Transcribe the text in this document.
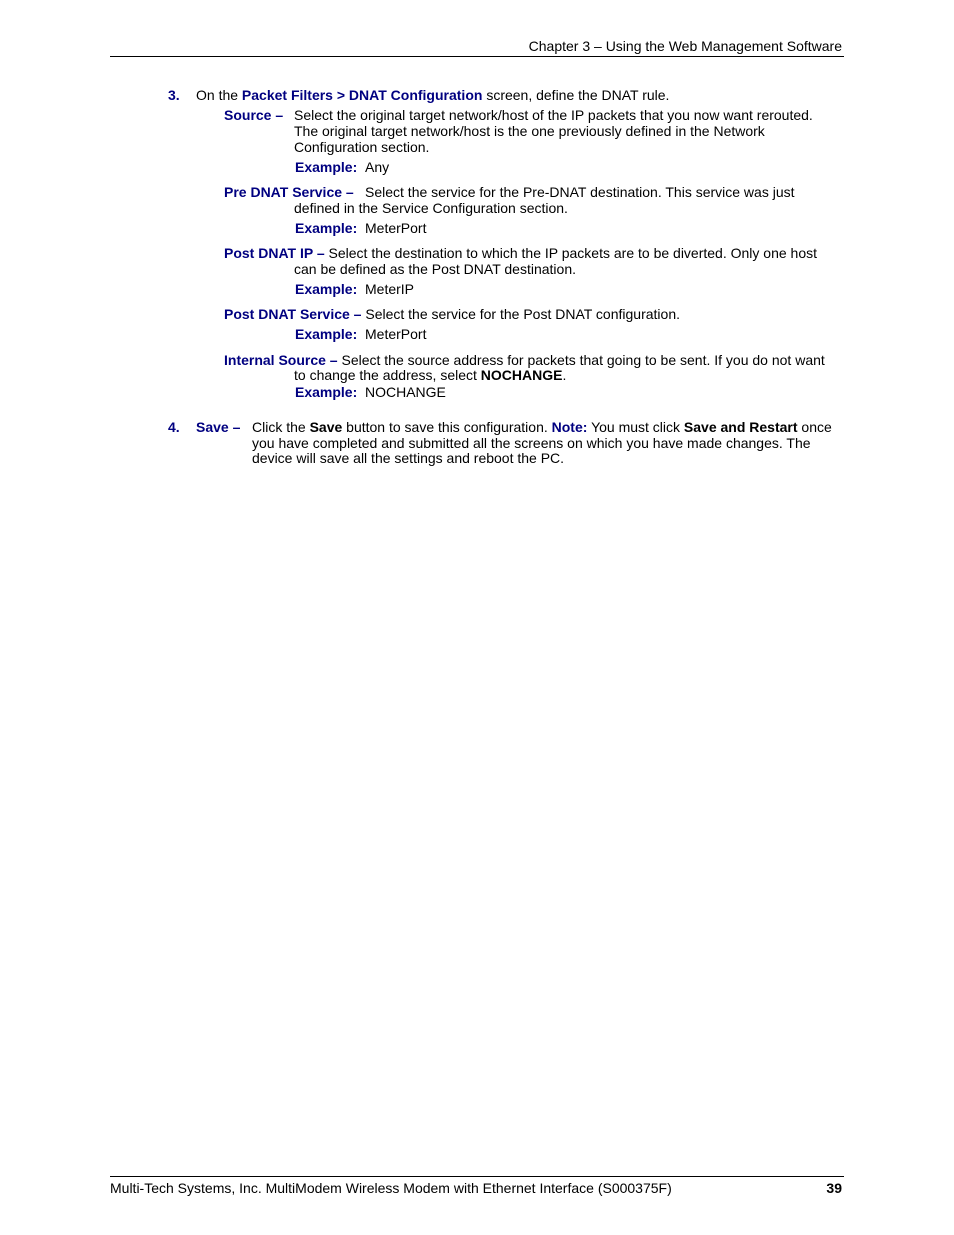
Chapter 3 – Using the Web Management Software
3. On the Packet Filters > DNAT Configuration screen, define the DNAT rule.
Source – Select the original target network/host of the IP packets that you now want rerouted.
The original target network/host is the one previously defined in the Network
Configuration section.
Example: Any
Pre DNAT Service – Select the service for the Pre-DNAT destination. This service was just
defined in the Service Configuration section.
Example: MeterPort
Post DNAT IP – Select the destination to which the IP packets are to be diverted. Only one host
can be defined as the Post DNAT destination.
Example: MeterIP
Post DNAT Service – Select the service for the Post DNAT configuration.
Example: MeterPort
Internal Source – Select the source address for packets that going to be sent. If you do not want
to change the address, select NOCHANGE.
Example: NOCHANGE
4. Save – Click the Save button to save this configuration. Note: You must click Save and Restart once
you have completed and submitted all the screens on which you have made changes. The
device will save all the settings and reboot the PC.
Multi-Tech Systems, Inc. MultiModem Wireless Modem with Ethernet Interface (S000375F)	39
